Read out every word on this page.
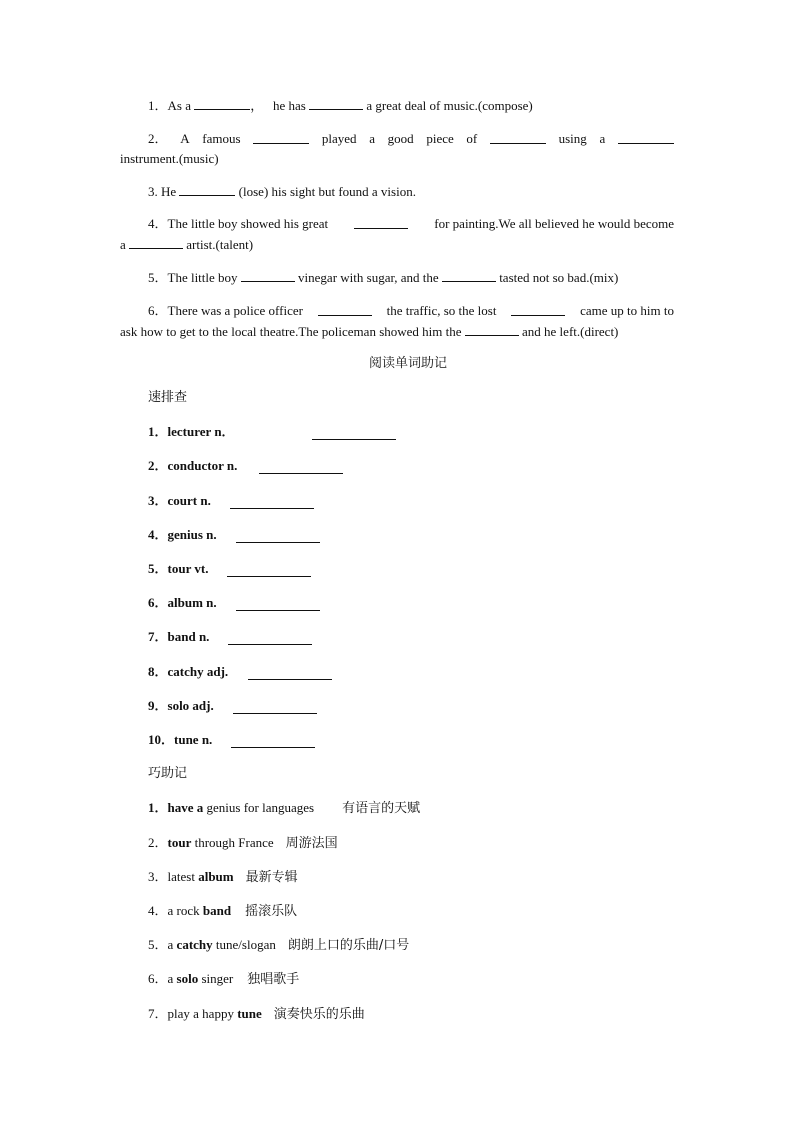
1．As a	， he has	a great deal of music.(compose)
2． A famous	played a good piece of	using a
instrument.(music)
3. He	(lose) his sight but found a vision.
4．The little boy showed his great	for painting.We all believed he would become
a	artist.(talent)
5．The little boy	vinegar with sugar, and the	tasted not so bad.(mix)
6．There was a police officer	the traffic, so the lost	came up to him to
ask how to get to the local theatre.The policeman showed him the	and he left.(direct)
阅读单词助记
速排查
1．lecturer n．
2．conductor n.
3．court n.
4．genius n.
5．tour vt.
6．album n.
7．band n.
8．catchy adj.
9．solo adj.
10．tune n.
巧助记
1．have a genius for languages 有语言的天赋
2．tour through France 周游法国
3．latest album 最新专辑
4．a rock band 摇滚乐队
5．a catchy tune/slogan 朗朗上口的乐曲/口号
6．a solo singer 独唱歌手
7．play a happy tune 演奏快乐的乐曲
